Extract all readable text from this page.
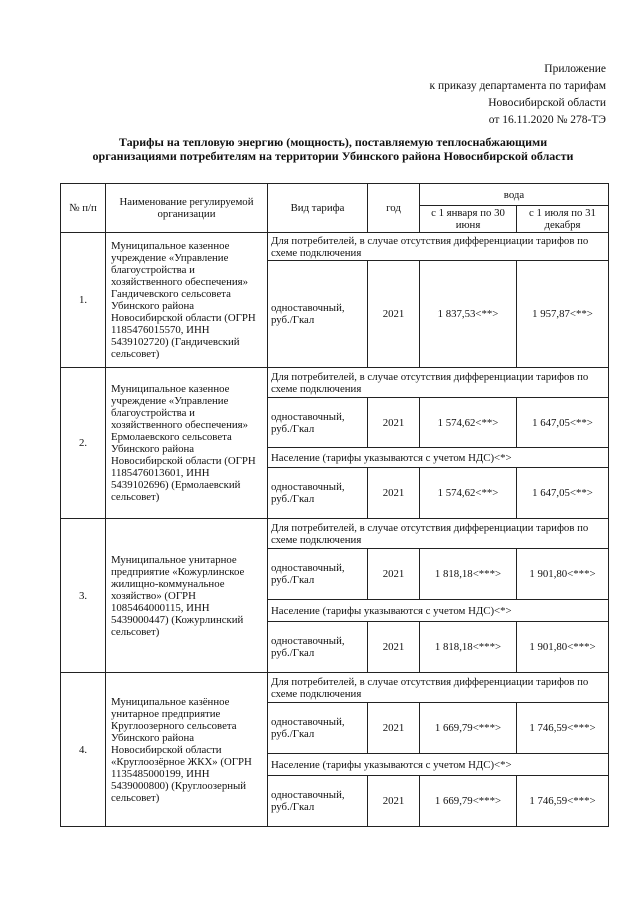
Приложение
к приказу департамента по тарифам
Новосибирской области
от 16.11.2020 № 278-ТЭ
Тарифы на тепловую энергию (мощность), поставляемую теплоснабжающими
организациями потребителям на территории Убинского района Новосибирской области
№ п/п	Наименование регулируемой организации	Вид тарифа	год	вода	
				с 1 января по 30 июня	с 1 июля по 31 декабря
1.	Муниципальное казенное учреждение «Управление благоустройства и хозяйственного обеспечения» Гандичевского сельсовета Убинского района Новосибирской области (ОГРН 1185476015570, ИНН 5439102720) (Гандичевский сельсовет)	Для потребителей, в случае отсутствия дифференциации тарифов по схеме подключения			
		одноставочный, руб./Гкал	2021	1 837,53<**>	1 957,87<**>
2.	Муниципальное казенное учреждение «Управление благоустройства и хозяйственного обеспечения» Ермолаевского сельсовета Убинского района Новосибирской области (ОГРН 1185476013601, ИНН 5439102696) (Ермолаевский сельсовет)	Для потребителей, в случае отсутствия дифференциации тарифов по схеме подключения			
		одноставочный, руб./Гкал	2021	1 574,62<**>	1 647,05<**>
		Население (тарифы указываются с учетом НДС)<*>			
		одноставочный, руб./Гкал	2021	1 574,62<**>	1 647,05<**>
3.	Муниципальное унитарное предприятие «Кожурлинское жилищно-коммунальное хозяйство» (ОГРН 1085464000115, ИНН 5439000447) (Кожурлинский сельсовет)	Для потребителей, в случае отсутствия дифференциации тарифов по схеме подключения			
		одноставочный, руб./Гкал	2021	1 818,18<***>	1 901,80<***>
		Население (тарифы указываются с учетом НДС)<*>			
		одноставочный, руб./Гкал	2021	1 818,18<***>	1 901,80<***>
4.	Муниципальное казённое унитарное предприятие Круглоозерного сельсовета Убинского района Новосибирской области «Круглоозёрное ЖКХ» (ОГРН 1135485000199, ИНН 5439000800) (Круглоозерный сельсовет)	Для потребителей, в случае отсутствия дифференциации тарифов по схеме подключения			
		одноставочный, руб./Гкал	2021	1 669,79<***>	1 746,59<***>
		Население (тарифы указываются с учетом НДС)<*>			
		одноставочный, руб./Гкал	2021	1 669,79<***>	1 746,59<***>
